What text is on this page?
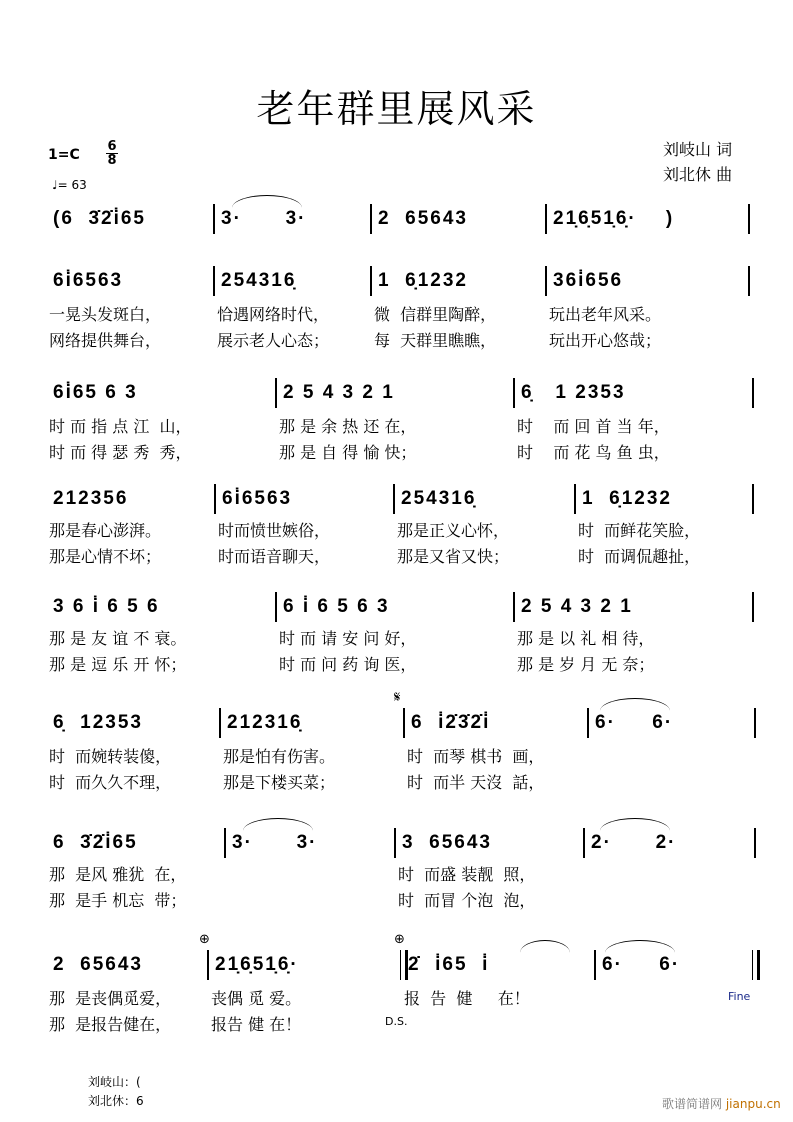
老年群里展风采
刘岐山 词
刘北休 曲
1=C
6
8
♩= 63
(6  3̇2̇i̇65	3·      3·	2  65643	21̣6̣51̣6̣·    )
6i̇6563
一晃头发斑白，
网络提供舞台，
254316̣
恰遇网络时代，
展示老人心态；
1  6̣1232
微  信群里陶醉，
每  天群里瞧瞧，
36i̇656
玩出老年风采。
玩出开心悠哉；
6i̇65 6 3
时 而 指 点 江  山，
时 而 得 瑟 秀  秀，
2 5 4 3 2 1
那 是 余 热 还 在，
那 是 自 得 愉 快；
6̣   1 2353
时    而 回 首 当 年，
时    而 花 鸟 鱼 虫，
212356
那是春心澎湃。
那是心情不坏；
6i̇6563
时而愤世嫉俗，
时而语音聊天，
254316̣
那是正义心怀，
那是又省又快；
1  6̣1232
时  而鲜花笑脸，
时  而调侃趣扯，
3 6 i̇ 6 5 6
那 是 友 谊 不 衰。
那 是 逗 乐 开 怀；
6 i̇ 6 5 6 3
时 而 请 安 问 好，
时 而 问 药 询 医，
2 5 4 3 2 1
那 是 以 礼 相 待，
那 是 岁 月 无 奈；
6̣  12353
时  而婉转装傻，
时  而久久不理，
212316̣
那是怕有伤害。
那是下楼买菜；
6  i̇2̇3̇2̇i̇
时  而琴 棋书  画，
时  而半 天沒  話，
6·     6·
6  3̇2̇i̇65
那  是风 雅犹  在，
那  是手 机忘  带；
3·      3·	3  65643
时  而盛 装靓  照，
时  而冒 个泡  泡，
2·      2·
2  65643
那  是丧偶觅爱，
那  是报告健在，
21̣6̣51̣6̣·
丧偶 觅 爱。
报告 健 在！
2̇  i̇65  i̇
报  告  健     在！
6·     6·
𝄋
⊕	⊕
D.S.
Fine
刘岐山：(
刘北休：6	歌谱简谱网 jianpu.cn
